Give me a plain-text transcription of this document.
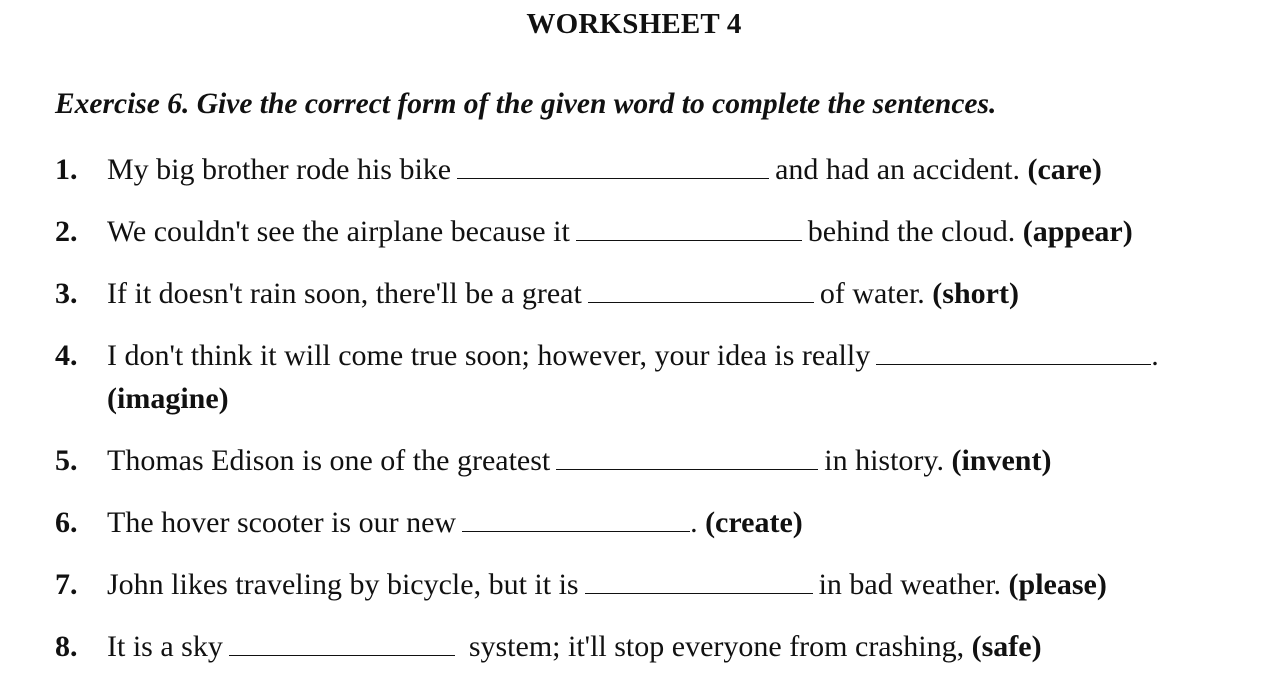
WORKSHEET 4
Exercise 6. Give the correct form of the given word to complete the sentences.
1. My big brother rode his bike	and had an accident. (care)
2. We couldn't see the airplane because it	behind the cloud. (appear)
3. If it doesn't rain soon, there'll be a great	of water. (short)
4. I don't think it will come true soon; however, your idea is really	.
(imagine)
5. Thomas Edison is one of the greatest	in history. (invent)
6. The hover scooter is our new	. (create)
7. John likes traveling by bicycle, but it is	in bad weather. (please)
8. It is a sky	system; it'll stop everyone from crashing, (safe)
